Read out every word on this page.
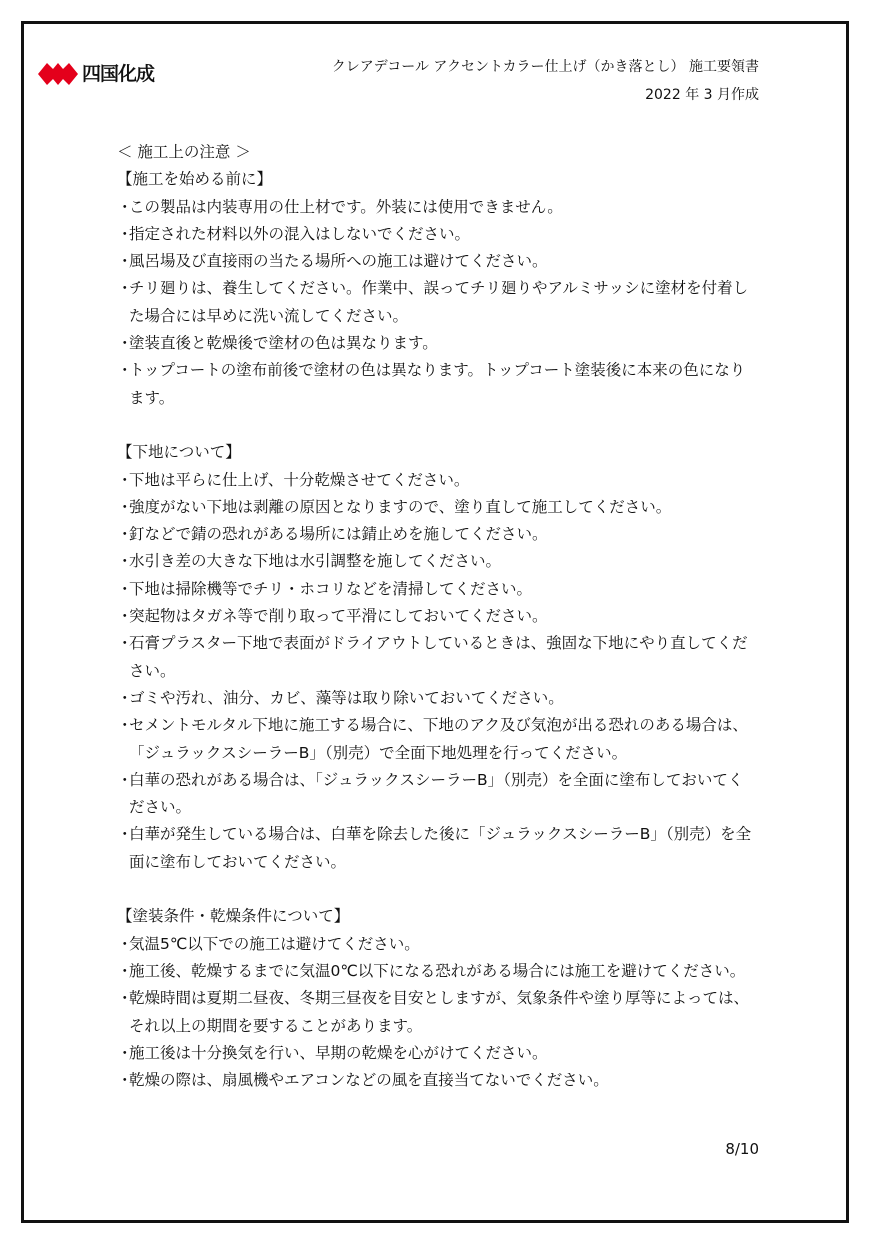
四国化成	クレアデコール アクセントカラー仕上げ（かき落とし） 施工要領書
2022 年 3 月作成

＜ 施工上の注意 ＞

【施工を始める前に】

・
この製品は内装専用の仕上材です。外装には使用できません。
・
指定された材料以外の混入はしないでください。
・
風呂場及び直接雨の当たる場所への施工は避けてください。
・
チリ廻りは、養生してください。作業中、誤ってチリ廻りやアルミサッシに塗材を付着した場合には早めに洗い流してください。
・
塗装直後と乾燥後で塗材の色は異なります。
・
トップコートの塗布前後で塗材の色は異なります。トップコート塗装後に本来の色になります。

【下地について】

・
下地は平らに仕上げ、十分乾燥させてください。
・
強度がない下地は剥離の原因となりますので、塗り直して施工してください。
・
釘などで錆の恐れがある場所には錆止めを施してください。
・
水引き差の大きな下地は水引調整を施してください。
・
下地は掃除機等でチリ・ホコリなどを清掃してください。
・
突起物はタガネ等で削り取って平滑にしておいてください。
・
石膏プラスター下地で表面がドライアウトしているときは、強固な下地にやり直してください。
・
ゴミや汚れ、油分、カビ、藻等は取り除いておいてください。
・
セメントモルタル下地に施工する場合に、下地のアク及び気泡が出る恐れのある場合は、「ジュラックスシーラーB」（別売）で全面下地処理を行ってください。
・
白華の恐れがある場合は、「ジュラックスシーラーB」（別売）を全面に塗布しておいてください。
・
白華が発生している場合は、白華を除去した後に「ジュラックスシーラーB」（別売）を全面に塗布しておいてください。

【塗装条件・乾燥条件について】

・
気温5℃以下での施工は避けてください。
・
施工後、乾燥するまでに気温0℃以下になる恐れがある場合には施工を避けてください。
・
乾燥時間は夏期二昼夜、冬期三昼夜を目安としますが、気象条件や塗り厚等によっては、それ以上の期間を要することがあります。
・
施工後は十分換気を行い、早期の乾燥を心がけてください。
・
乾燥の際は、扇風機やエアコンなどの風を直接当てないでください。
8/10
